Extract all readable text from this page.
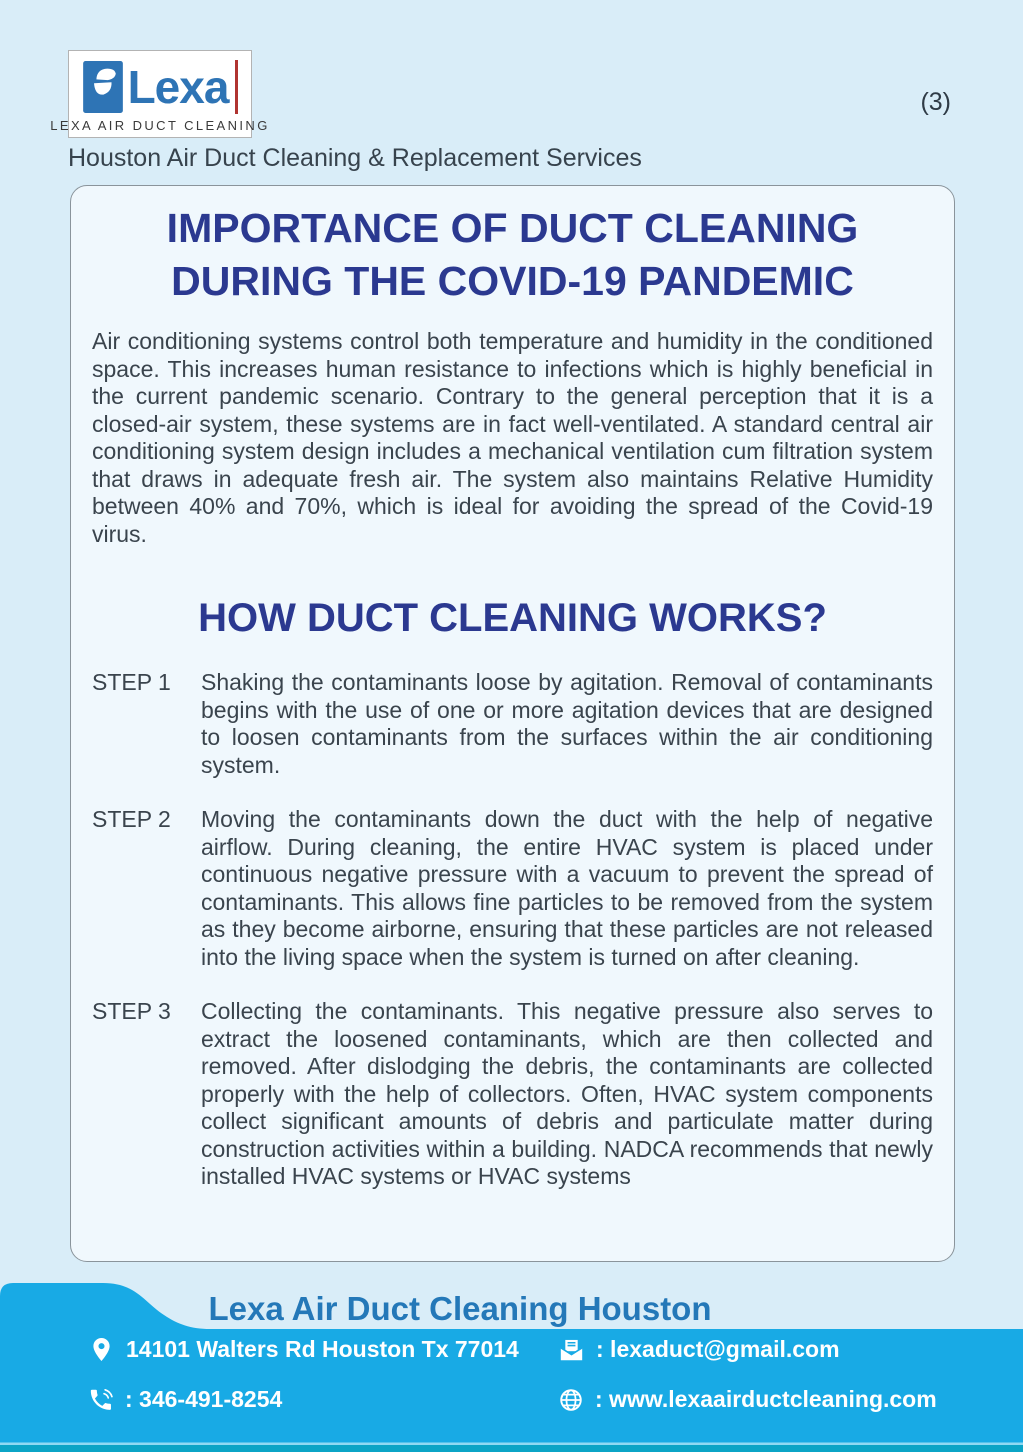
Lexa
LEXA AIR DUCT CLEANING
(3)
Houston Air Duct Cleaning & Replacement Services
IMPORTANCE OF DUCT CLEANING
DURING THE COVID-19 PANDEMIC

Air conditioning systems control both temperature and humidity in the conditioned space. This increases human resistance to infections which is highly beneficial in the current pandemic scenario. Contrary to the general perception that it is a closed-air system, these systems are in fact well-ventilated. A standard central air conditioning system design includes a mechanical ventilation cum filtration system that draws in adequate fresh air. The system also maintains Relative Humidity between 40% and 70%, which is ideal for avoiding the spread of the Covid-19 virus.

HOW DUCT CLEANING WORKS?
STEP 1	Shaking the contaminants loose by agitation. Removal of contaminants begins with the use of one or more agitation devices that are designed to loosen contaminants from the surfaces within the air conditioning system.
STEP 2	Moving the contaminants down the duct with the help of negative airflow. During cleaning, the entire HVAC system is placed under continuous negative pressure with a vacuum to prevent the spread of contaminants. This allows fine particles to be removed from the system as they become airborne, ensuring that these particles are not released into the living space when the system is turned on after cleaning.
STEP 3	Collecting the contaminants. This negative pressure also serves to extract the loosened contaminants, which are then collected and removed. After dislodging the debris, the contaminants are collected properly with the help of collectors. Often, HVAC system components collect significant amounts of debris and particulate matter during construction activities within a building. NADCA recommends that newly installed HVAC systems or HVAC systems
Lexa Air Duct Cleaning Houston
14101 Walters Rd Houston Tx 77014
: 346-491-8254
: lexaduct@gmail.com
: www.lexaairductcleaning.com
